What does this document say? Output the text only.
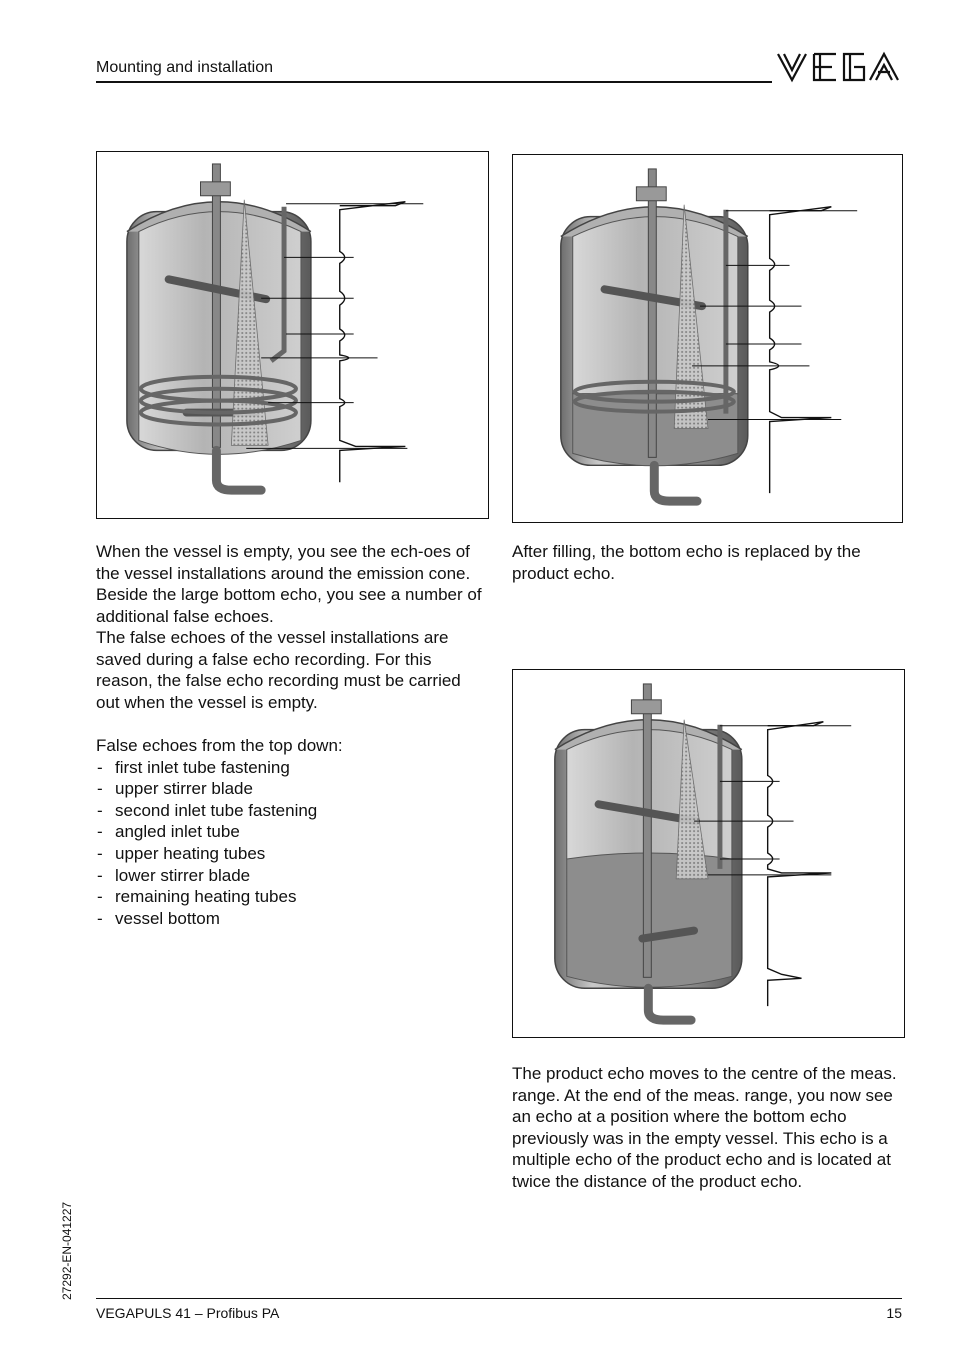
Mounting and installation

When the vessel is empty, you see the ech-oes of the vessel installations around the emission cone. Beside the large bottom echo, you see a number of additional false echoes.

The false echoes of the vessel installations are saved during a false echo recording. For this reason, the false echo recording must be carried out when the vessel is empty.

False echoes from the top down:
- first inlet tube fastening
- upper stirrer blade
- second inlet tube fastening
- angled inlet tube
- upper heating tubes
- lower stirrer blade
- remaining heating tubes
- vessel bottom

After filling, the bottom echo is replaced by the product echo.

The product echo moves to the centre of the meas. range. At the end of the meas. range, you now see an echo at a position where the bottom echo previously was in the empty vessel. This echo is a multiple echo of the product echo and is located at twice the distance of the product echo.

27292-EN-041227
VEGAPULS 41 – Profibus PA	15
